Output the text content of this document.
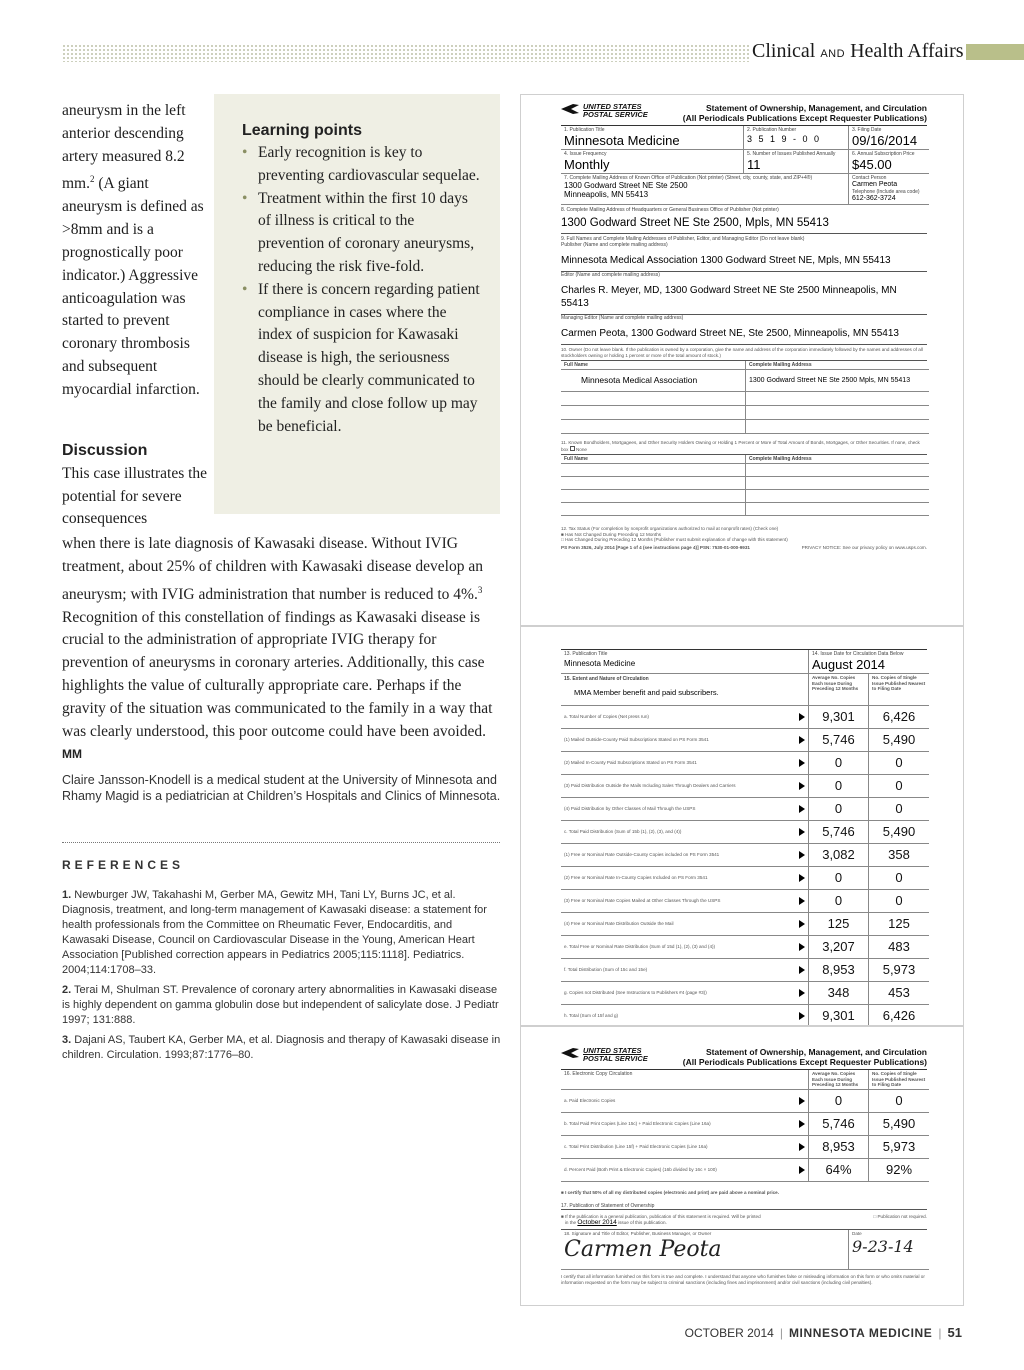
Clinical AND Health Affairs
aneurysm in the left anterior descending artery measured 8.2 mm.$^2$ (A giant aneurysm is defined as >8mm and is a prognostically poor indicator.) Aggressive anticoagulation was started to prevent coronary thrombosis and subsequent myocardial infarction.
Discussion
This case illustrates the potential for severe consequences
Learning points
• Early recognition is key to preventing cardiovascular sequelae.
• Treatment within the first 10 days of illness is critical to the prevention of coronary aneurysms, reducing the risk five-fold.
• If there is concern regarding patient compliance in cases where the index of suspicion for Kawasaki disease is high, the seriousness should be clearly communicated to the family and close follow up may be beneficial.
when there is late diagnosis of Kawasaki disease. Without IVIG treatment, about 25% of children with Kawasaki disease develop an aneurysm; with IVIG administration that number is reduced to 4%.$^3$ Recognition of this constellation of findings as Kawasaki disease is crucial to the administration of appropriate IVIG therapy for prevention of aneurysms in coronary arteries. Additionally, this case highlights the value of culturally appropriate care. Perhaps if the gravity of the situation was communicated to the family in a way that was clearly understood, this poor outcome could have been avoided. MM
Claire Jansson-Knodell is a medical student at the University of Minnesota and Rhamy Magid is a pediatrician at Children’s Hospitals and Clinics of Minnesota.
REFERENCES

1. Newburger JW, Takahashi M, Gerber MA, Gewitz MH, Tani LY, Burns JC, et al. Diagnosis, treatment, and long-term management of Kawasaki disease: a statement for health professionals from the Committee on Rheumatic Fever, Endocarditis, and Kawasaki Disease, Council on Cardiovascular Disease in the Young, American Heart Association [Published correction appears in Pediatrics 2005;115:1118]. Pediatrics. 2004;114:1708–33.

2. Terai M, Shulman ST. Prevalence of coronary artery abnormalities in Kawasaki disease is highly dependent on gamma globulin dose but independent of salicylate dose. J Pediatr 1997; 131:888.

3. Dajani AS, Taubert KA, Gerber MA, et al. Diagnosis and therapy of Kawasaki disease in children. Circulation. 1993;87:1776–80.

UNITED STATES
POSTAL SERVICE
Statement of Ownership, Management, and Circulation
(All Periodicals Publications Except Requester Publications)
1. Publication Title
Minnesota Medicine
2. Publication Number
3 5 1 9 - 0 0
3. Filing Date
09/16/2014
4. Issue Frequency
Monthly
5. Number of Issues Published Annually
11
6. Annual Subscription Price
$45.00
7. Complete Mailing Address of Known Office of Publication (Not printer) (Street, city, county, state, and ZIP+4®)
1300 Godward Street NE Ste 2500
Minneapolis, MN 55413
Contact Person
Carmen Peota
Telephone (Include area code)
612-362-3724
8. Complete Mailing Address of Headquarters or General Business Office of Publisher (Not printer)
1300 Godward Street NE Ste 2500, Mpls, MN 55413
9. Full Names and Complete Mailing Addresses of Publisher, Editor, and Managing Editor (Do not leave blank)
Publisher (Name and complete mailing address)
Minnesota Medical Association 1300 Godward Street NE, Mpls, MN 55413
Editor (Name and complete mailing address)
Charles R. Meyer, MD, 1300 Godward Street NE Ste 2500 Minneapolis, MN 55413
Managing Editor (Name and complete mailing address)
Carmen Peota, 1300 Godward Street NE, Ste 2500, Minneapolis, MN 55413
10. Owner (Do not leave blank. If the publication is owned by a corporation, give the name and address of the corporation immediately followed by the names and addresses of all stockholders owning or holding 1 percent or more of the total amount of stock.)
Full Name	Complete Mailing Address
Minnesota Medical Association	1300 Godward Street NE Ste 2500 Mpls, MN 55413
11. Known Bondholders, Mortgagees, and Other Security Holders Owning or Holding 1 Percent or More of Total Amount of Bonds, Mortgages, or Other Securities. If none, check box None
Full Name	Complete Mailing Address
12. Tax Status (For completion by nonprofit organizations authorized to mail at nonprofit rates) (Check one)
■ Has Not Changed During Preceding 12 Months
□ Has Changed During Preceding 12 Months (Publisher must submit explanation of change with this statement)
PS Form 3526, July 2014 [Page 1 of 4 (see instructions page 4)] PSN: 7530-01-000-9931	PRIVACY NOTICE: See our privacy policy on www.usps.com.
13. Publication Title
Minnesota Medicine
14. Issue Date for Circulation Data Below
August 2014
15. Extent and Nature of Circulation
MMA Member benefit and paid subscribers.
Average No. Copies Each Issue During Preceding 12 Months
No. Copies of Single Issue Published Nearest to Filing Date
a. Total Number of Copies (Net press run)	9,301	6,426
(1) Mailed Outside-County Paid Subscriptions Stated on PS Form 3541	5,746	5,490
(2) Mailed In-County Paid Subscriptions Stated on PS Form 3541	0	0
(3) Paid Distribution Outside the Mails Including Sales Through Dealers and Carriers	0	0
(4) Paid Distribution by Other Classes of Mail Through the USPS	0	0
c. Total Paid Distribution (Sum of 15b (1), (2), (3), and (4))	5,746	5,490
(1) Free or Nominal Rate Outside-County Copies included on PS Form 3541	3,082	358
(2) Free or Nominal Rate In-County Copies Included on PS Form 3541	0	0
(3) Free or Nominal Rate Copies Mailed at Other Classes Through the USPS	0	0
(4) Free or Nominal Rate Distribution Outside the Mail	125	125
e. Total Free or Nominal Rate Distribution (Sum of 15d (1), (2), (3) and (4))	3,207	483
f. Total Distribution (Sum of 15c and 15e)	8,953	5,973
g. Copies not Distributed (See Instructions to Publishers #4 (page #3))	348	453
h. Total (Sum of 15f and g)	9,301	6,426
UNITED STATES
POSTAL SERVICE
Statement of Ownership, Management, and Circulation
(All Periodicals Publications Except Requester Publications)
16. Electronic Copy Circulation	Average No. Copies Each Issue During Preceding 12 Months
No. Copies of Single Issue Published Nearest to Filing Date
a. Paid Electronic Copies	0	0
b. Total Paid Print Copies (Line 15c) + Paid Electronic Copies (Line 16a)	5,746	5,490
c. Total Print Distribution (Line 15f) + Paid Electronic Copies (Line 16a)	8,953	5,973
d. Percent Paid (Both Print & Electronic Copies) (16b divided by 16c × 100)	64%	92%
■ I certify that 50% of all my distributed copies (electronic and print) are paid above a nominal price.
17. Publication of Statement of Ownership
■ If the publication is a general publication, publication of this statement is required. Will be printed
in the October 2014 issue of this publication.
□ Publication not required.
18. Signature and Title of Editor, Publisher, Business Manager, or Owner
Carmen Peota
Date
9-23-14
I certify that all information furnished on this form is true and complete. I understand that anyone who furnishes false or misleading information on this form or who omits material or information requested on the form may be subject to criminal sanctions (including fines and imprisonment) and/or civil sanctions (including civil penalties).
OCTOBER 2014 | MINNESOTA MEDICINE | 51
